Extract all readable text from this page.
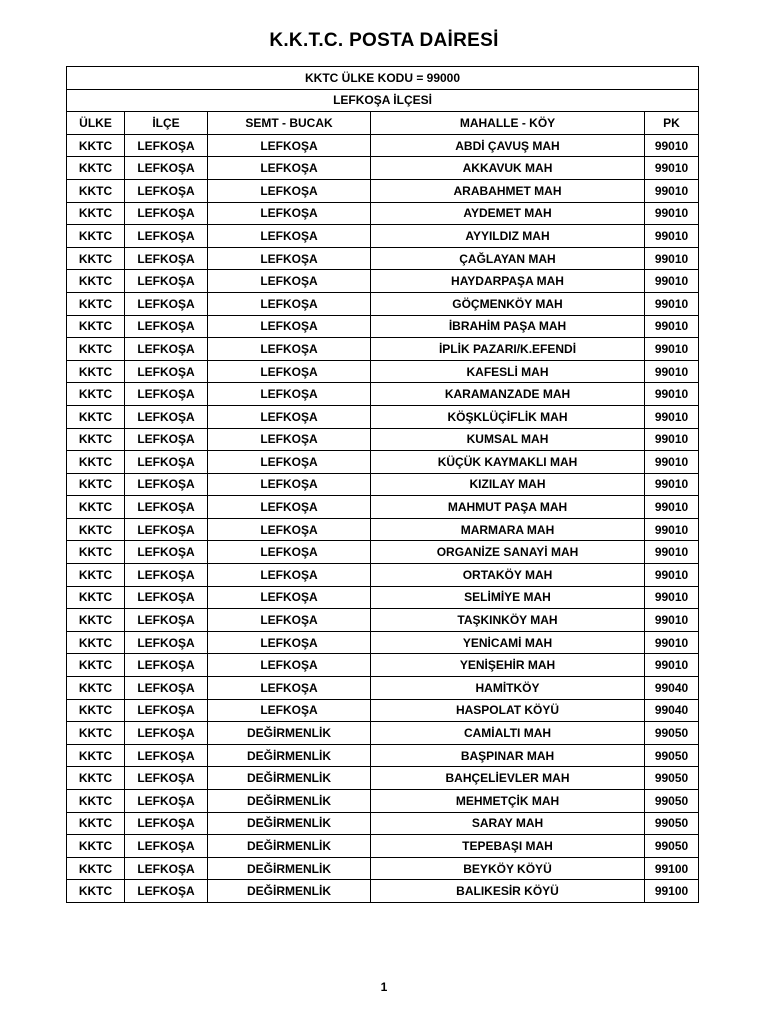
K.K.T.C. POSTA DAİRESİ
KKTC ÜLKE KODU = 99000				
LEFKOŞA İLÇESİ				
ÜLKE	İLÇE	SEMT - BUCAK	MAHALLE - KÖY	PK
KKTC	LEFKOŞA	LEFKOŞA	ABDİ ÇAVUŞ MAH	99010
KKTC	LEFKOŞA	LEFKOŞA	AKKAVUK MAH	99010
KKTC	LEFKOŞA	LEFKOŞA	ARABAHMET MAH	99010
KKTC	LEFKOŞA	LEFKOŞA	AYDEMET MAH	99010
KKTC	LEFKOŞA	LEFKOŞA	AYYILDIZ MAH	99010
KKTC	LEFKOŞA	LEFKOŞA	ÇAĞLAYAN MAH	99010
KKTC	LEFKOŞA	LEFKOŞA	HAYDARPAŞA MAH	99010
KKTC	LEFKOŞA	LEFKOŞA	GÖÇMENKÖY MAH	99010
KKTC	LEFKOŞA	LEFKOŞA	İBRAHİM PAŞA MAH	99010
KKTC	LEFKOŞA	LEFKOŞA	İPLİK PAZARI/K.EFENDİ	99010
KKTC	LEFKOŞA	LEFKOŞA	KAFESLİ MAH	99010
KKTC	LEFKOŞA	LEFKOŞA	KARAMANZADE MAH	99010
KKTC	LEFKOŞA	LEFKOŞA	KÖŞKLÜÇİFLİK MAH	99010
KKTC	LEFKOŞA	LEFKOŞA	KUMSAL MAH	99010
KKTC	LEFKOŞA	LEFKOŞA	KÜÇÜK KAYMAKLI MAH	99010
KKTC	LEFKOŞA	LEFKOŞA	KIZILAY MAH	99010
KKTC	LEFKOŞA	LEFKOŞA	MAHMUT PAŞA MAH	99010
KKTC	LEFKOŞA	LEFKOŞA	MARMARA MAH	99010
KKTC	LEFKOŞA	LEFKOŞA	ORGANİZE SANAYİ MAH	99010
KKTC	LEFKOŞA	LEFKOŞA	ORTAKÖY MAH	99010
KKTC	LEFKOŞA	LEFKOŞA	SELİMİYE MAH	99010
KKTC	LEFKOŞA	LEFKOŞA	TAŞKINKÖY MAH	99010
KKTC	LEFKOŞA	LEFKOŞA	YENİCAMİ MAH	99010
KKTC	LEFKOŞA	LEFKOŞA	YENİŞEHİR MAH	99010
KKTC	LEFKOŞA	LEFKOŞA	HAMİTKÖY	99040
KKTC	LEFKOŞA	LEFKOŞA	HASPOLAT KÖYÜ	99040
KKTC	LEFKOŞA	DEĞİRMENLİK	CAMİALTI MAH	99050
KKTC	LEFKOŞA	DEĞİRMENLİK	BAŞPINAR MAH	99050
KKTC	LEFKOŞA	DEĞİRMENLİK	BAHÇELİEVLER MAH	99050
KKTC	LEFKOŞA	DEĞİRMENLİK	MEHMETÇİK MAH	99050
KKTC	LEFKOŞA	DEĞİRMENLİK	SARAY MAH	99050
KKTC	LEFKOŞA	DEĞİRMENLİK	TEPEBAŞI MAH	99050
KKTC	LEFKOŞA	DEĞİRMENLİK	BEYKÖY KÖYÜ	99100
KKTC	LEFKOŞA	DEĞİRMENLİK	BALIKESİR KÖYÜ	99100
1
